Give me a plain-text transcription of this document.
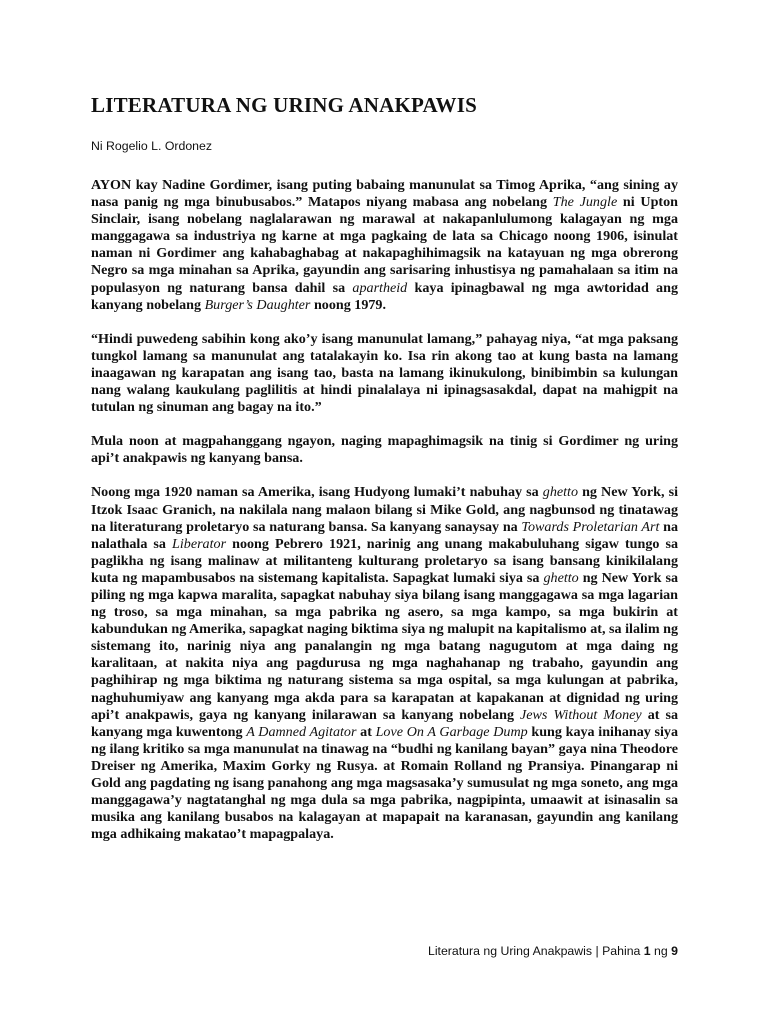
LITERATURA NG URING ANAKPAWIS
Ni Rogelio L. Ordonez

AYON kay Nadine Gordimer, isang puting babaing manunulat sa Timog Aprika, “ang sining ay nasa panig ng mga binubusabos.” Matapos niyang mabasa ang nobelang The Jungle ni Upton Sinclair, isang nobelang naglalarawan ng marawal at nakapanlulumong kalagayan ng mga manggagawa sa industriya ng karne at mga pagkaing de lata sa Chicago noong 1906, isinulat naman ni Gordimer ang kahabaghabag at nakapaghihimagsik na katayuan ng mga obrerong Negro sa mga minahan sa Aprika, gayundin ang sarisaring inhustisya ng pamahalaan sa itim na populasyon ng naturang bansa dahil sa apartheid kaya ipinagbawal ng mga awtoridad ang kanyang nobelang Burger’s Daughter noong 1979.

“Hindi puwedeng sabihin kong ako’y isang manunulat lamang,” pahayag niya, “at mga paksang tungkol lamang sa manunulat ang tatalakayin ko. Isa rin akong tao at kung basta na lamang inaagawan ng karapatan ang isang tao, basta na lamang ikinukulong, binibimbin sa kulungan nang walang kaukulang paglilitis at hindi pinalalaya ni ipinagsasakdal, dapat na mahigpit na tutulan ng sinuman ang bagay na ito.”

Mula noon at magpahanggang ngayon, naging mapaghimagsik na tinig si Gordimer ng uring api’t anakpawis ng kanyang bansa.

Noong mga 1920 naman sa Amerika, isang Hudyong lumaki’t nabuhay sa ghetto ng New York, si Itzok Isaac Granich, na nakilala nang malaon bilang si Mike Gold, ang nagbunsod ng tinatawag na literaturang proletaryo sa naturang bansa. Sa kanyang sanaysay na Towards Proletarian Art na nalathala sa Liberator noong Pebrero 1921, narinig ang unang makabuluhang sigaw tungo sa paglikha ng isang malinaw at militanteng kulturang proletaryo sa isang bansang kinikilalang kuta ng mapambusabos na sistemang kapitalista. Sapagkat lumaki siya sa ghetto ng New York sa piling ng mga kapwa maralita, sapagkat nabuhay siya bilang isang manggagawa sa mga lagarian ng troso, sa mga minahan, sa mga pabrika ng asero, sa mga kampo, sa mga bukirin at kabundukan ng Amerika, sapagkat naging biktima siya ng malupit na kapitalismo at, sa ilalim ng sistemang ito, narinig niya ang panalangin ng mga batang nagugutom at mga daing ng karalitaan, at nakita niya ang pagdurusa ng mga naghahanap ng trabaho, gayundin ang paghihirap ng mga biktima ng naturang sistema sa mga ospital, sa mga kulungan at pabrika, naghuhumiyaw ang kanyang mga akda para sa karapatan at kapakanan at dignidad ng uring api’t anakpawis, gaya ng kanyang inilarawan sa kanyang nobelang Jews Without Money at sa kanyang mga kuwentong A Damned Agitator at Love On A Garbage Dump kung kaya inihanay siya ng ilang kritiko sa mga manunulat na tinawag na “budhi ng kanilang bayan” gaya nina Theodore Dreiser ng Amerika, Maxim Gorky ng Rusya. at Romain Rolland ng Pransiya. Pinangarap ni Gold ang pagdating ng isang panahong ang mga magsasaka’y sumusulat ng mga soneto, ang mga manggagawa’y nagtatanghal ng mga dula sa mga pabrika, nagpipinta, umaawit at isinasalin sa musika ang kanilang busabos na kalagayan at mapapait na karanasan, gayundin ang kanilang mga adhikaing makatao’t mapagpalaya.

Literatura ng Uring Anakpawis | Pahina 1 ng 9
